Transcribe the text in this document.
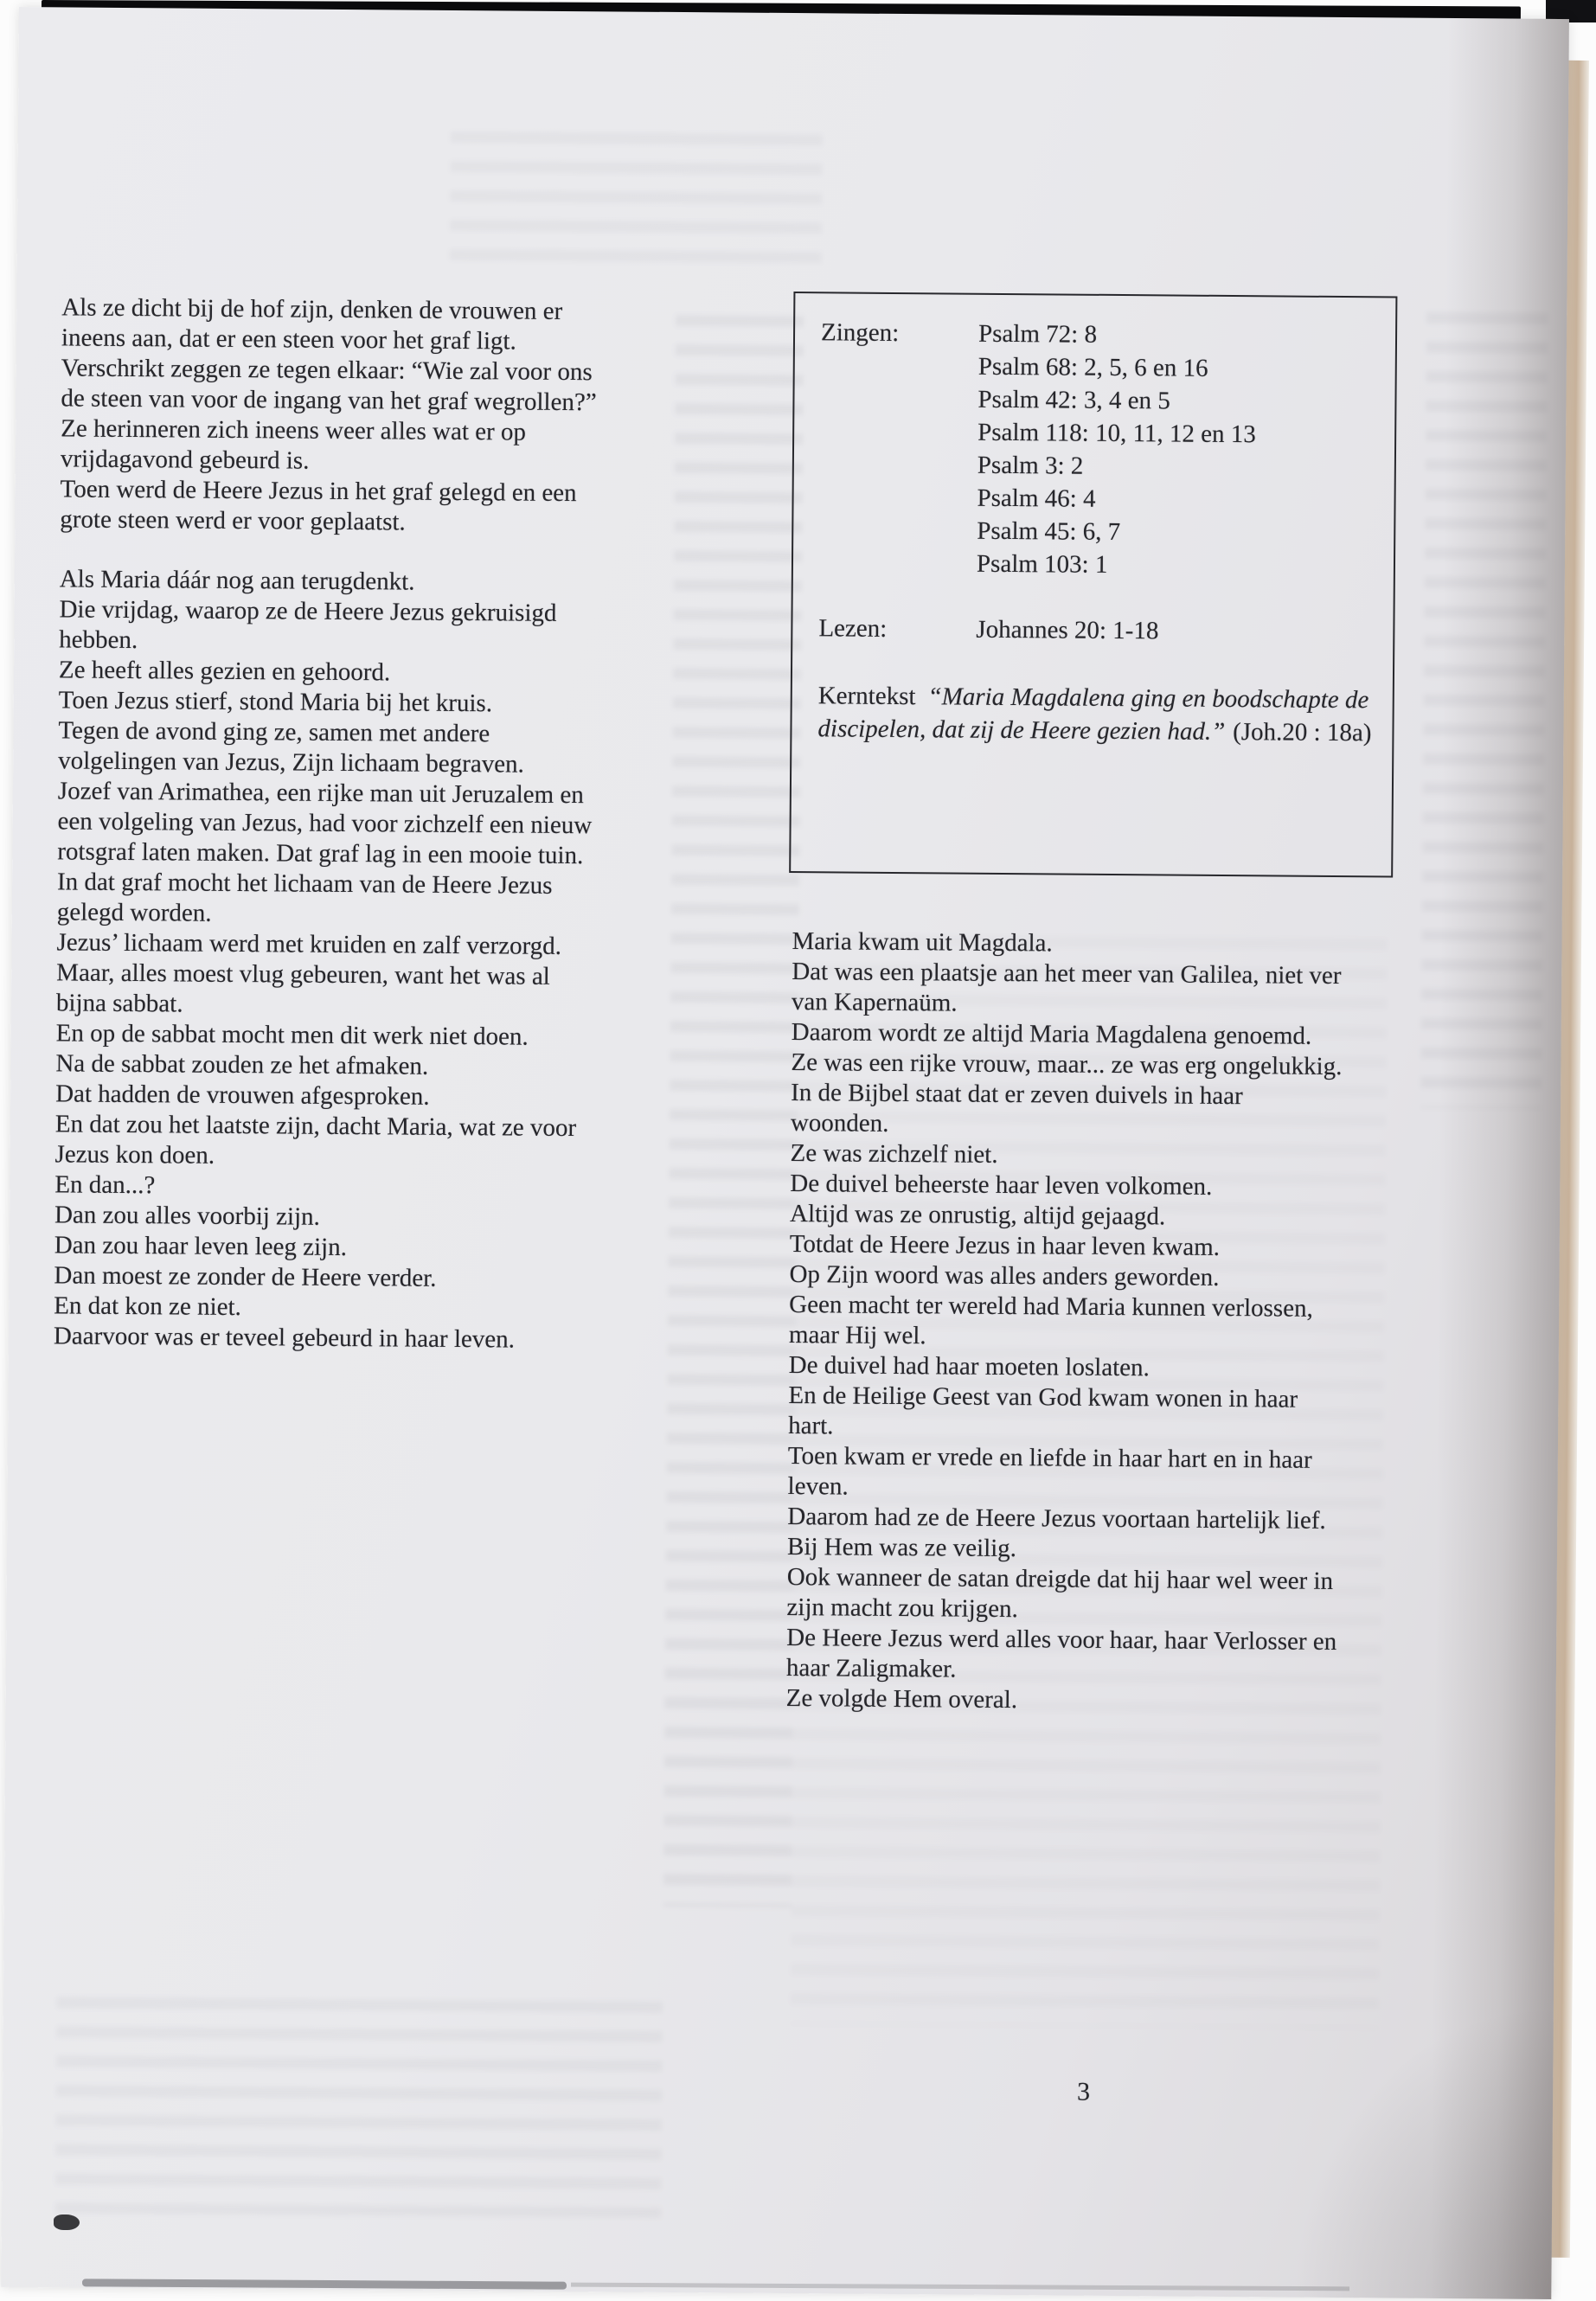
Als ze dicht bij de hof zijn, denken de vrouwen er ineens aan, dat er een steen voor het graf ligt.
Verschrikt zeggen ze tegen elkaar: “Wie zal voor ons de steen van voor de ingang van het graf wegrollen?”
Ze herinneren zich ineens weer alles wat er op vrijdagavond gebeurd is.
Toen werd de Heere Jezus in het graf gelegd en een grote steen werd er voor geplaatst.
Als Maria dáár nog aan terugdenkt.
Die vrijdag, waarop ze de Heere Jezus gekruisigd hebben.
Ze heeft alles gezien en gehoord.
Toen Jezus stierf, stond Maria bij het kruis.
Tegen de avond ging ze, samen met andere volgelingen van Jezus, Zijn lichaam begraven.
Jozef van Arimathea, een rijke man uit Jeruzalem en een volgeling van Jezus, had voor zichzelf een nieuw rotsgraf laten maken. Dat graf lag in een mooie tuin.
In dat graf mocht het lichaam van de Heere Jezus gelegd worden.
Jezus’ lichaam werd met kruiden en zalf verzorgd.
Maar, alles moest vlug gebeuren, want het was al bijna sabbat.
En op de sabbat mocht men dit werk niet doen.
Na de sabbat zouden ze het afmaken.
Dat hadden de vrouwen afgesproken.
En dat zou het laatste zijn, dacht Maria, wat ze voor Jezus kon doen.
En dan...?
Dan zou alles voorbij zijn.
Dan zou haar leven leeg zijn.
Dan moest ze zonder de Heere verder.
En dat kon ze niet.
Daarvoor was er teveel gebeurd in haar leven.
Zingen:	Psalm 72: 8
Psalm 68: 2, 5, 6 en 16
Psalm 42: 3, 4 en 5
Psalm 118: 10, 11, 12 en 13
Psalm 3: 2
Psalm 46: 4
Psalm 45: 6, 7
Psalm 103: 1
Lezen:	Johannes 20: 1-18
Kerntekst “Maria Magdalena ging en boodschapte de discipelen, dat zij de Heere gezien had.” (Joh.20 : 18a)
Maria kwam uit Magdala.
Dat was een plaatsje aan het meer van Galilea, niet ver van Kapernaüm.
Daarom wordt ze altijd Maria Magdalena genoemd.
Ze was een rijke vrouw, maar... ze was erg ongelukkig.
In de Bijbel staat dat er zeven duivels in haar woonden.
Ze was zichzelf niet.
De duivel beheerste haar leven volkomen.
Altijd was ze onrustig, altijd gejaagd.
Totdat de Heere Jezus in haar leven kwam.
Op Zijn woord was alles anders geworden.
Geen macht ter wereld had Maria kunnen verlossen, maar Hij wel.
De duivel had haar moeten loslaten.
En de Heilige Geest van God kwam wonen in haar hart.
Toen kwam er vrede en liefde in haar hart en in haar leven.
Daarom had ze de Heere Jezus voortaan hartelijk lief.
Bij Hem was ze veilig.
Ook wanneer de satan dreigde dat hij haar wel weer in zijn macht zou krijgen.
De Heere Jezus werd alles voor haar, haar Verlosser en haar Zaligmaker.
Ze volgde Hem overal.
3
